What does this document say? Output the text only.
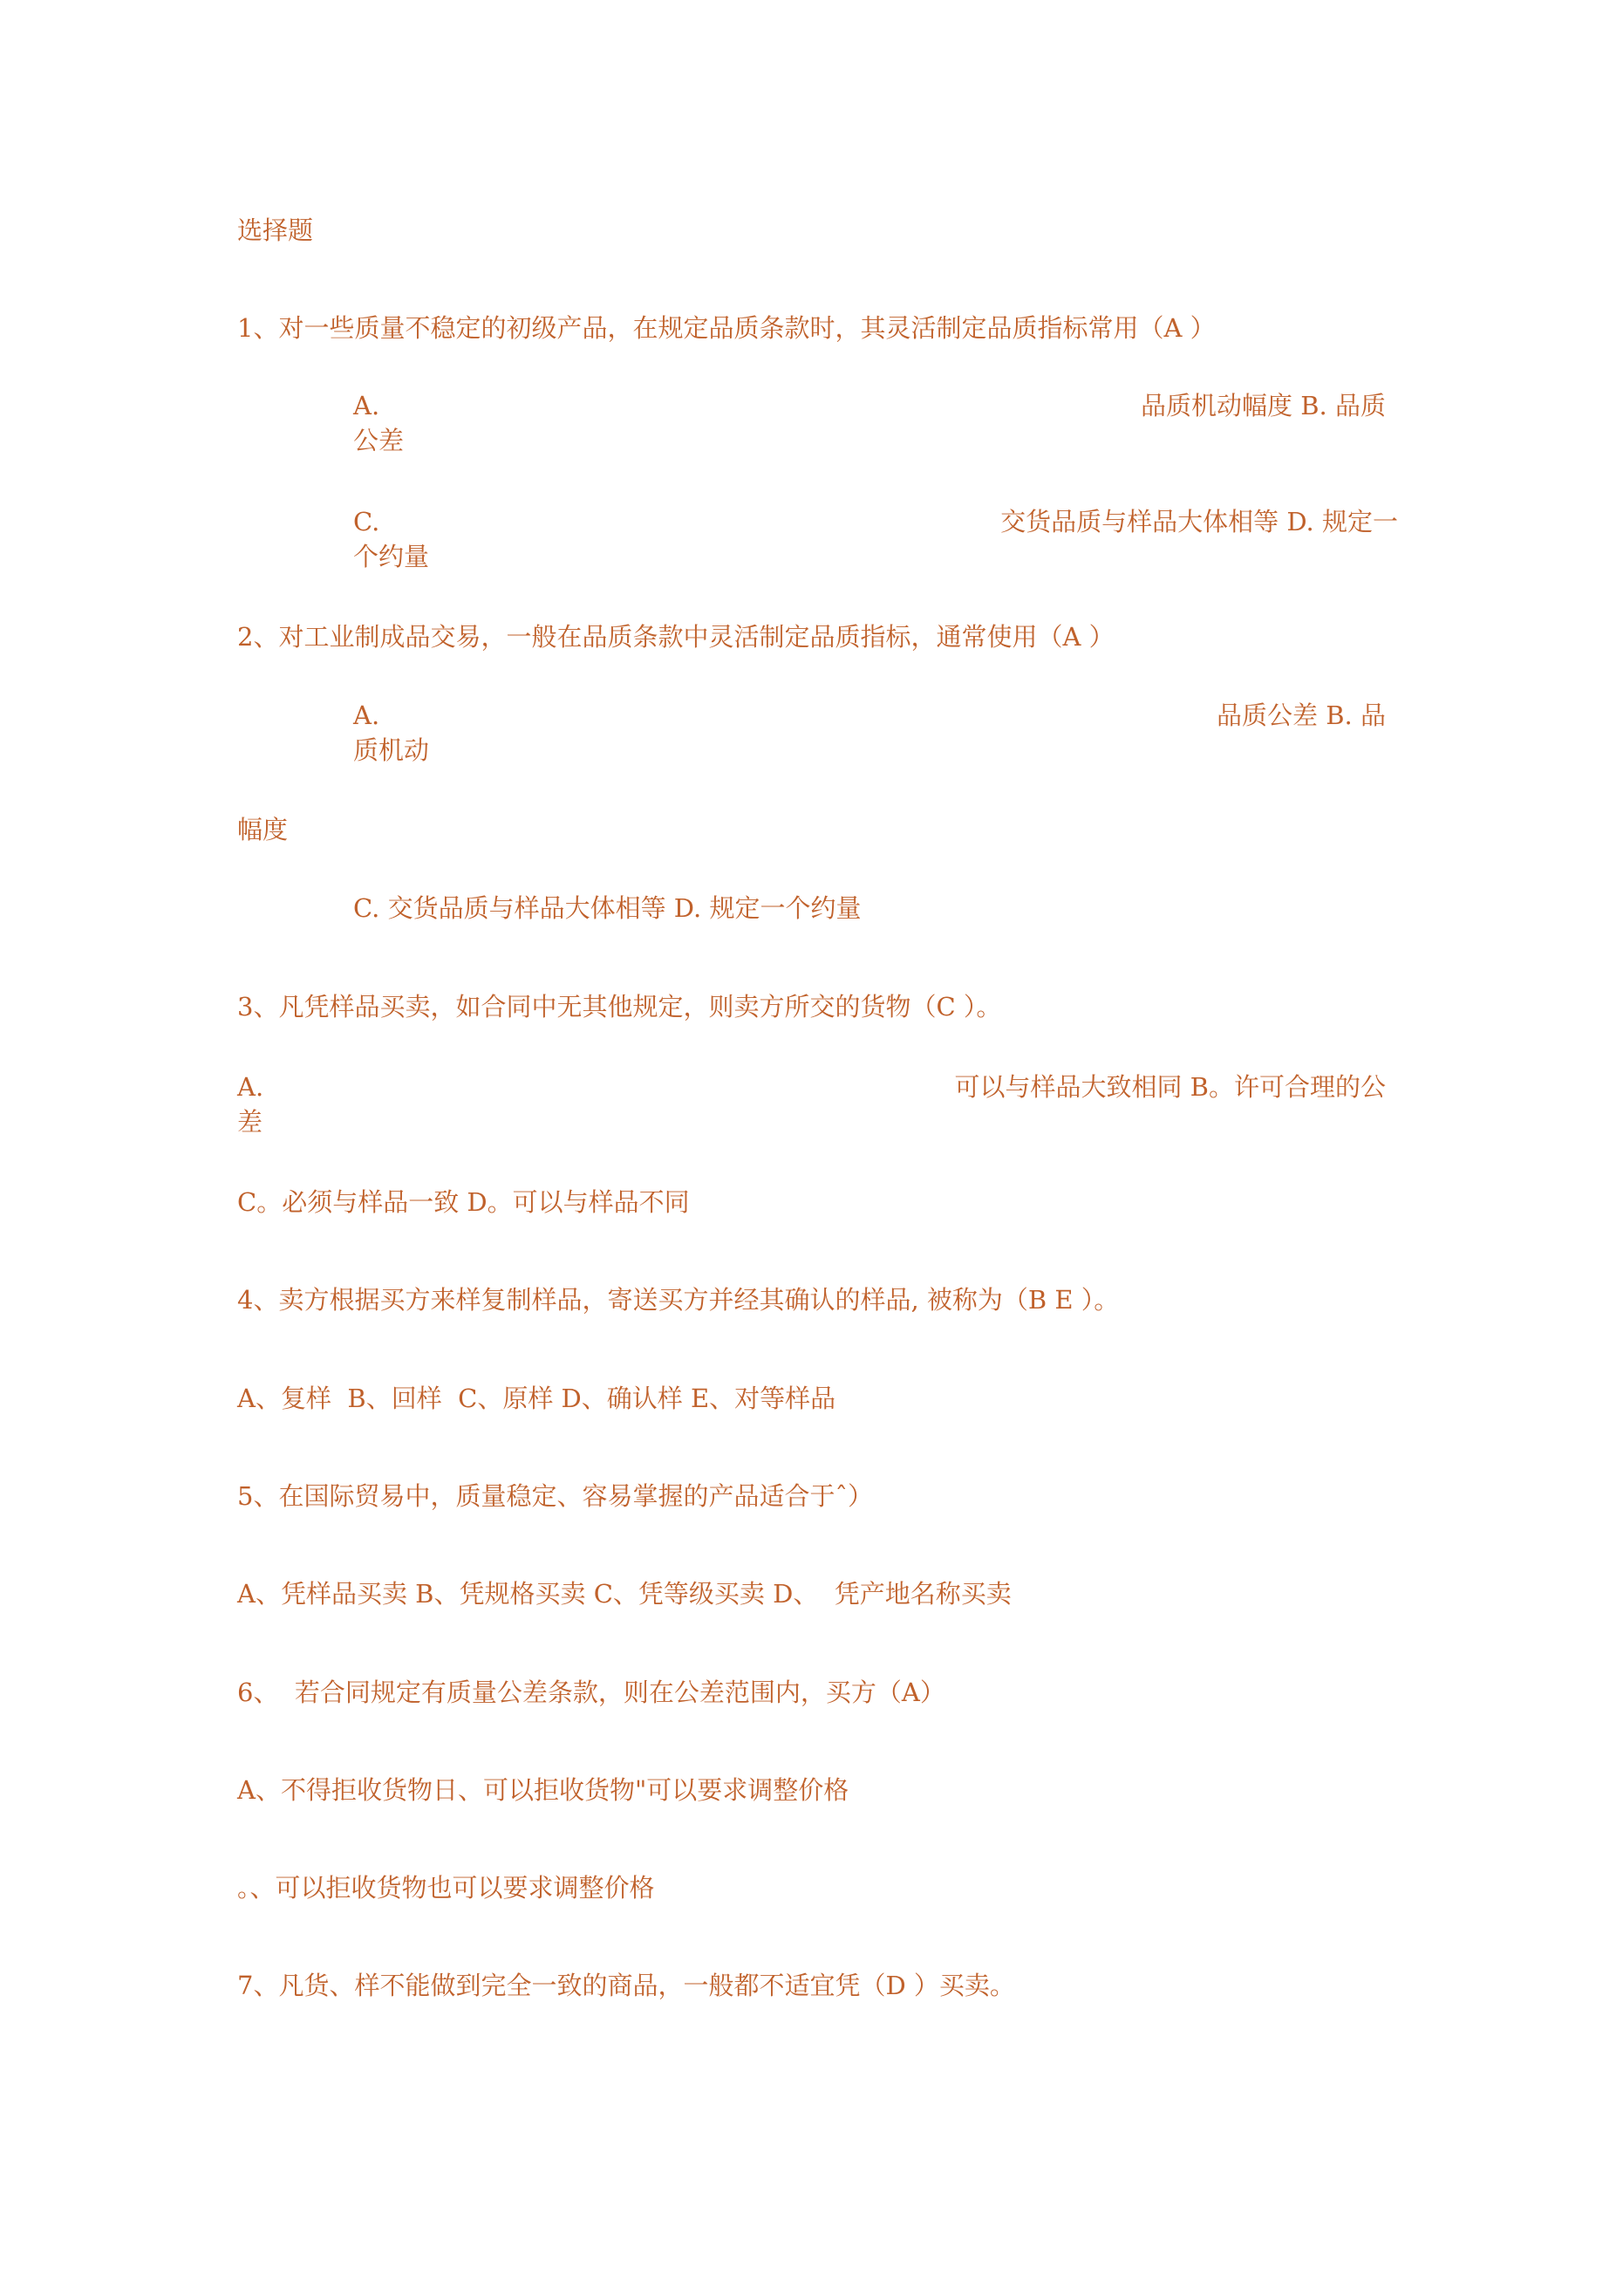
选择题
1、对一些质量不稳定的初级产品，在规定品质条款时，其灵活制定品质指标常用（A ）
A.	品质机动幅度 B. 品质
公差
C.	交货品质与样品大体相等 D. 规定一
个约量
2、对工业制成品交易，一般在品质条款中灵活制定品质指标，通常使用（A ）
A.	品质公差 B. 品
质机动
幅度
C. 交货品质与样品大体相等 D. 规定一个约量
3、凡凭样品买卖，如合同中无其他规定，则卖方所交的货物（C ）。
A.	可以与样品大致相同 B。许可合理的公
差
C。必须与样品一致 D。可以与样品不同
4、卖方根据买方来样复制样品，寄送买方并经其确认的样品, 被称为（B E ）。
A、复样  B、回样  C、原样 D、确认样 E、对等样品
5、在国际贸易中，质量稳定、容易掌握的产品适合于ˆ）
A、凭样品买卖 B、凭规格买卖 C、凭等级买卖 D、  凭产地名称买卖
6、  若合同规定有质量公差条款，则在公差范围内，买方（A）
A、不得拒收货物日、可以拒收货物"可以要求调整价格
。、可以拒收货物也可以要求调整价格
7、凡货、样不能做到完全一致的商品，一般都不适宜凭（D ）买卖。
